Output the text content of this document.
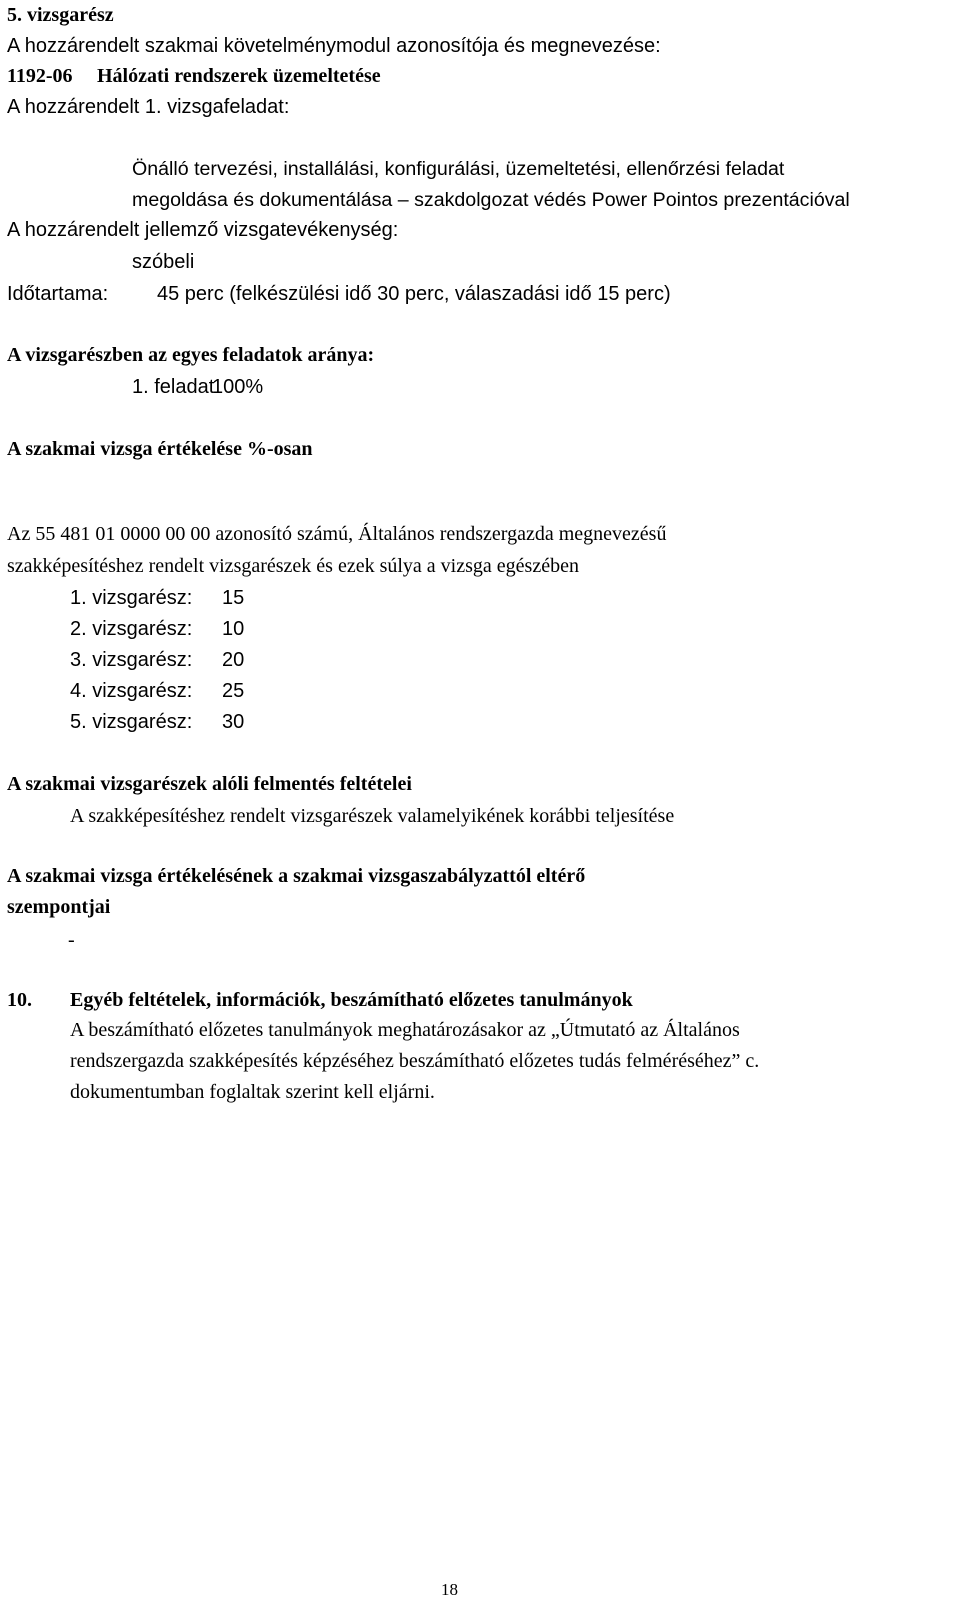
5. vizsgarész
A hozzárendelt szakmai követelménymodul azonosítója és megnevezése:
1192-06 Hálózati rendszerek üzemeltetése
A hozzárendelt 1. vizsgafeladat:
Önálló tervezési, installálási, konfigurálási, üzemeltetési, ellenőrzési feladat
megoldása és dokumentálása – szakdolgozat védés Power Pointos prezentációval
A hozzárendelt jellemző vizsgatevékenység:
szóbeli
Időtartama: 45 perc (felkészülési idő 30 perc, válaszadási idő 15 perc)
A vizsgarészben az egyes feladatok aránya:
1. feladat
100%
A szakmai vizsga értékelése %-osan
Az 55 481 01 0000 00 00 azonosító számú, Általános rendszergazda megnevezésű
szakképesítéshez rendelt vizsgarészek és ezek súlya a vizsga egészében
1. vizsgarész: 15
2. vizsgarész: 10
3. vizsgarész: 20
4. vizsgarész: 25
5. vizsgarész: 30
A szakmai vizsgarészek alóli felmentés feltételei
A szakképesítéshez rendelt vizsgarészek valamelyikének korábbi teljesítése
A szakmai vizsga értékelésének a szakmai vizsgaszabályzattól eltérő
szempontjai
-
10. Egyéb feltételek, információk, beszámítható előzetes tanulmányok
A beszámítható előzetes tanulmányok meghatározásakor az „Útmutató az Általános
rendszergazda szakképesítés képzéséhez beszámítható előzetes tudás felméréséhez” c.
dokumentumban foglaltak szerint kell eljárni.
18
